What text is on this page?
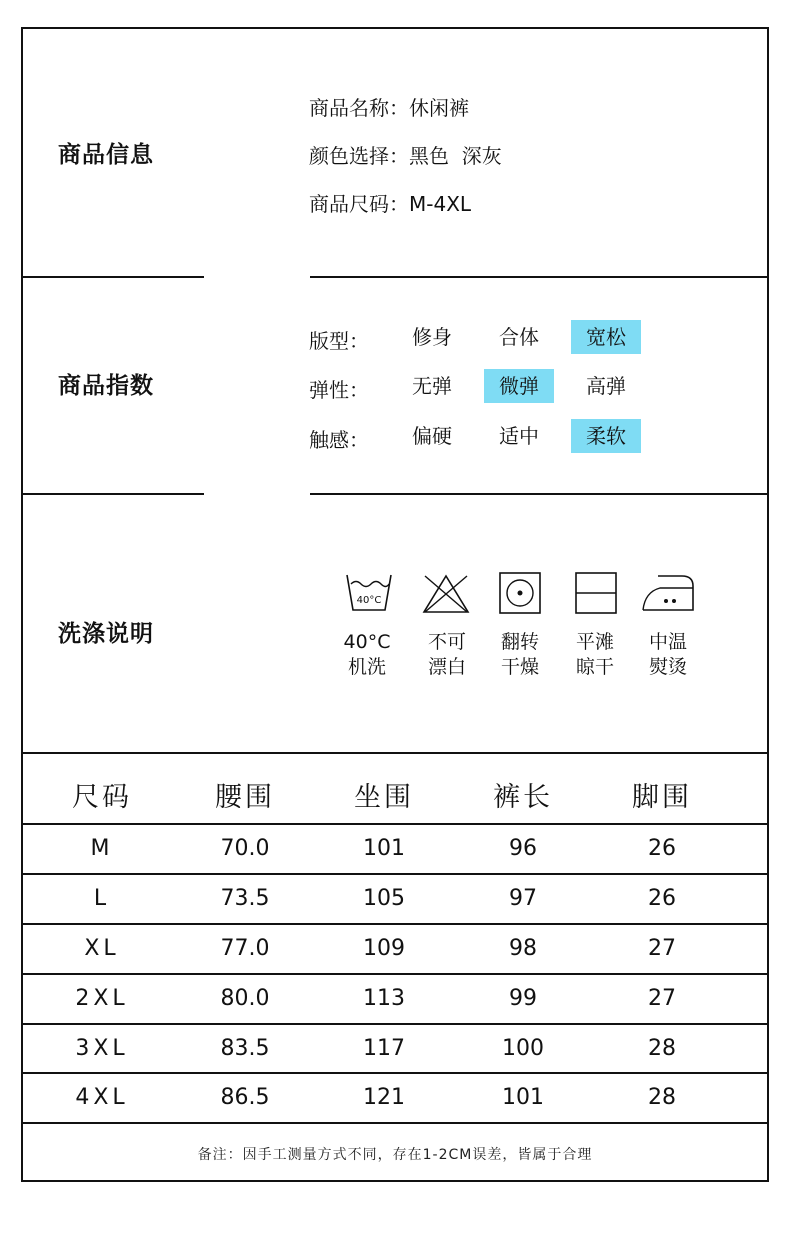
商品信息
商品名称：休闲裤
颜色选择：黑色  深灰
商品尺码：M-4XL
商品指数
版型：	修身	合体	宽松
弹性：	无弹	微弹	高弹
触感：	偏硬	适中	柔软
洗涤说明
40°C
40°C
机洗
不可
漂白
翻转
干燥
平滩
晾干
中温
熨烫
尺码	腰围	坐围	裤长	脚围
M	70.0	101	96	26
L	73.5	105	97	26
XL	77.0	109	98	27
2XL	80.0	113	99	27
3XL	83.5	117	100	28
4XL	86.5	121	101	28
备注：因手工测量方式不同，存在1-2CM误差，皆属于合理
